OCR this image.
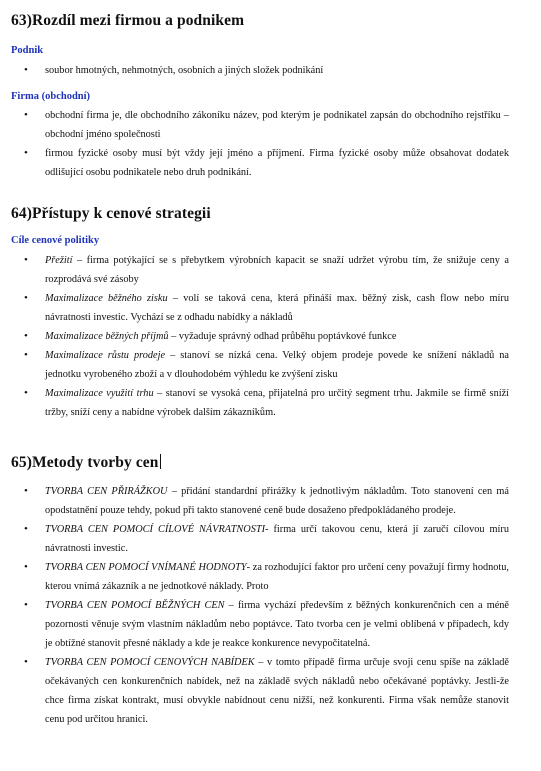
63)Rozdíl mezi firmou a podnikem
Podnik
• soubor hmotných, nehmotných, osobních a jiných složek podnikání
Firma (obchodní)
• obchodní firma je, dle obchodního zákoníku název, pod kterým je podnikatel zapsán do obchodního rejstříku – obchodní jméno společnosti
• firmou fyzické osoby musí být vždy její jméno a příjmení. Firma fyzické osoby může obsahovat dodatek odlišující osobu podnikatele nebo druh podnikání.
64)Přístupy k cenové strategii
Cíle cenové politiky
• Přežití – firma potýkající se s přebytkem výrobních kapacit se snaží udržet výrobu tím, že snižuje ceny a rozprodává své zásoby
• Maximalizace běžného zisku – volí se taková cena, která přináší max. běžný zisk, cash flow nebo míru návratnosti investic. Vychází se z odhadu nabídky a nákladů
• Maximalizace běžných příjmů – vyžaduje správný odhad průběhu poptávkové funkce
• Maximalizace růstu prodeje – stanoví se nízká cena. Velký objem prodeje povede ke snížení nákladů na jednotku vyrobeného zboží a v dlouhodobém výhledu ke zvýšení zisku
• Maximalizace využití trhu – stanoví se vysoká cena, přijatelná pro určitý segment trhu. Jakmile se firmě sníží tržby, sníží ceny a nabídne výrobek dalším zákazníkům.
65)Metody tvorby cen
• TVORBA CEN PŘIRÁŽKOU – přidání standardní přirážky k jednotlivým nákladům. Toto stanovení cen má opodstatnění pouze tehdy, pokud při takto stanovené ceně bude dosaženo předpokládaného prodeje.
• TVORBA CEN POMOCÍ CÍLOVÉ NÁVRATNOSTI- firma určí takovou cenu, která jí zaručí cílovou míru návratnosti investic.
• TVORBA CEN POMOCÍ VNÍMANÉ HODNOTY- za rozhodující faktor pro určení ceny považují firmy hodnotu, kterou vnímá zákazník a ne jednotkové náklady. Proto
• TVORBA CEN POMOCÍ BĚŽNÝCH CEN – firma vychází především z běžných konkurenčních cen a méně pozornosti věnuje svým vlastním nákladům nebo poptávce. Tato tvorba cen je velmi oblíbená v případech, kdy je obtížné stanovit přesné náklady a kde je reakce konkurence nevypočitatelná.
• TVORBA CEN POMOCÍ CENOVÝCH NABÍDEK – v tomto případě firma určuje svoji cenu spíše na základě očekávaných cen konkurenčních nabídek, než na základě svých nákladů nebo očekávané poptávky. Jestli-že chce firma získat kontrakt, musí obvykle nabídnout cenu nižší, než konkurenti. Firma však nemůže stanovit cenu pod určitou hranici.
